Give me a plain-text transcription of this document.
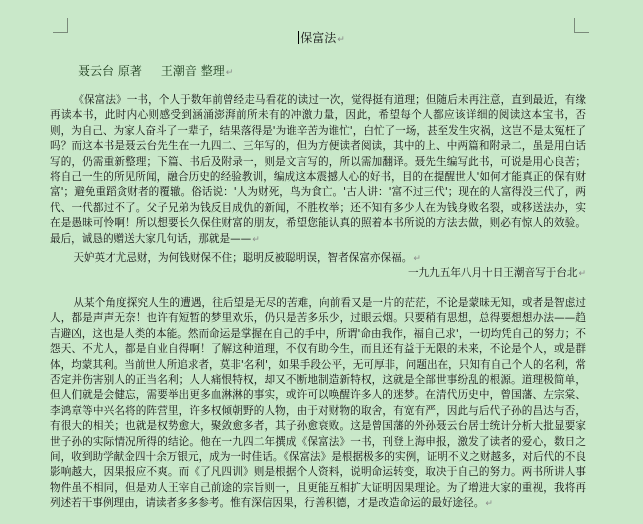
保富法↵
聂云台 原著     王潮音 整理↵

《保富法》一书，个人于数年前曾经走马看花的读过一次，觉得挺有道理；但随后未再注意，直到最近，有缘再读本书，此时内心则感受到涵涌澎湃前所未有的冲激力量，因此，希望每个人都应该详细的阅读这本宝书，否则，为自己、为家人奋斗了一辈子，结果落得是'为谁辛苦为谁忙'，白忙了一场，甚至发生灾祸，这岂不是太冤枉了吗？而这本书是聂云台先生在一九四二、三年写的，但为方便读者阅读，其中的上、中两篇和附录二，虽是用白话写的，仍需重新整理；下篇、书后及附录一，则是文言写的，所以需加翻译。聂先生编写此书，可说是用心良苦；将自己一生的所见所闻，融合历史的经验教训，编成这本震撼人心的好书，目的在提醒世人'如何才能真正的保有财富'；避免重蹈贪财者的覆辙。俗话说：'人为财死，鸟为食亡。'古人讲：'富不过三代'；现在的人富得没三代了，两代、一代都过不了。父子兄弟为钱反目成仇的新闻，不胜枚举；还不知有多少人在为钱身败名裂，或移送法办，实在是愚昧可怜啊！所以想要长久保住财富的朋友，希望您能认真的照着本书所说的方法去做，则必有惊人的效验。最后，诚恳的赠送大家几句话，那就是——↵

天妒英才尤忌财，为何钱财保不住；聪明反被聪明误，智者保富亦保福。↵

一九九五年八月十日王潮音写于台北↵

从某个角度探究人生的遭遇，往后望是无尽的苦难，向前看又是一片的茫茫，不论是蒙昧无知，或者是智虑过人，都是声声无奈！也许有短暂的梦里欢乐，仍只是苦多乐少，过眼云烟。只要稍有思想，总得要想想办法——趋吉避凶，这也是人类的本能。然而命运是掌握在自己的手中，所谓'命由我作，福自己求'，一切均凭自己的努力；不怨天、不尤人，都是自业自得啊！了解这种道理，不仅有助今生，而且还有益于无限的未来，不论是个人，或是群体，均蒙其利。当前世人所追求者，莫非'名利'，如果手段公平，无可厚非，问题出在，只知有自己个人的名利，常否定并伤害别人的正当名利；人人痛恨特权，却又不断地制造新特权，这就是全部世事纷乱的根源。道理极简单，但人们就是会健忘，需要举出更多血淋淋的事实，或许可以唤醒许多人的迷梦。在清代历史中，曾国藩、左宗棠、李鸿章等中兴名将的阵营里，许多权倾朝野的人物，由于对财物的取舍，有宽有严，因此与后代子孙的昌达与否，有很大的相关；也就是权势愈大，聚敛愈多者，其子孙愈衰败。这是曾国藩的外孙聂云台居士统计分析大批显要家世子孙的实际情况所得的结论。他在一九四二年撰成《保富法》一书，刊登上海申报，激发了读者的爱心，数日之间，收到助学献金四十余万银元，成为一时佳话。《保富法》是根据极多的实例，证明不义之财越多，对后代的不良影响越大，因果报应不爽。而《了凡四训》则是根据个人资料，说明命运转变，取决于自己的努力。两书所讲人事物件虽不相同，但是劝人王宰自己前途的宗旨则一，且更能互相扩大证明因果理论。为了增进大家的重视，我将再列述若干事例理由，请读者多多参考。惟有深信因果，行善积德，才是改造命运的最好途径。↵
